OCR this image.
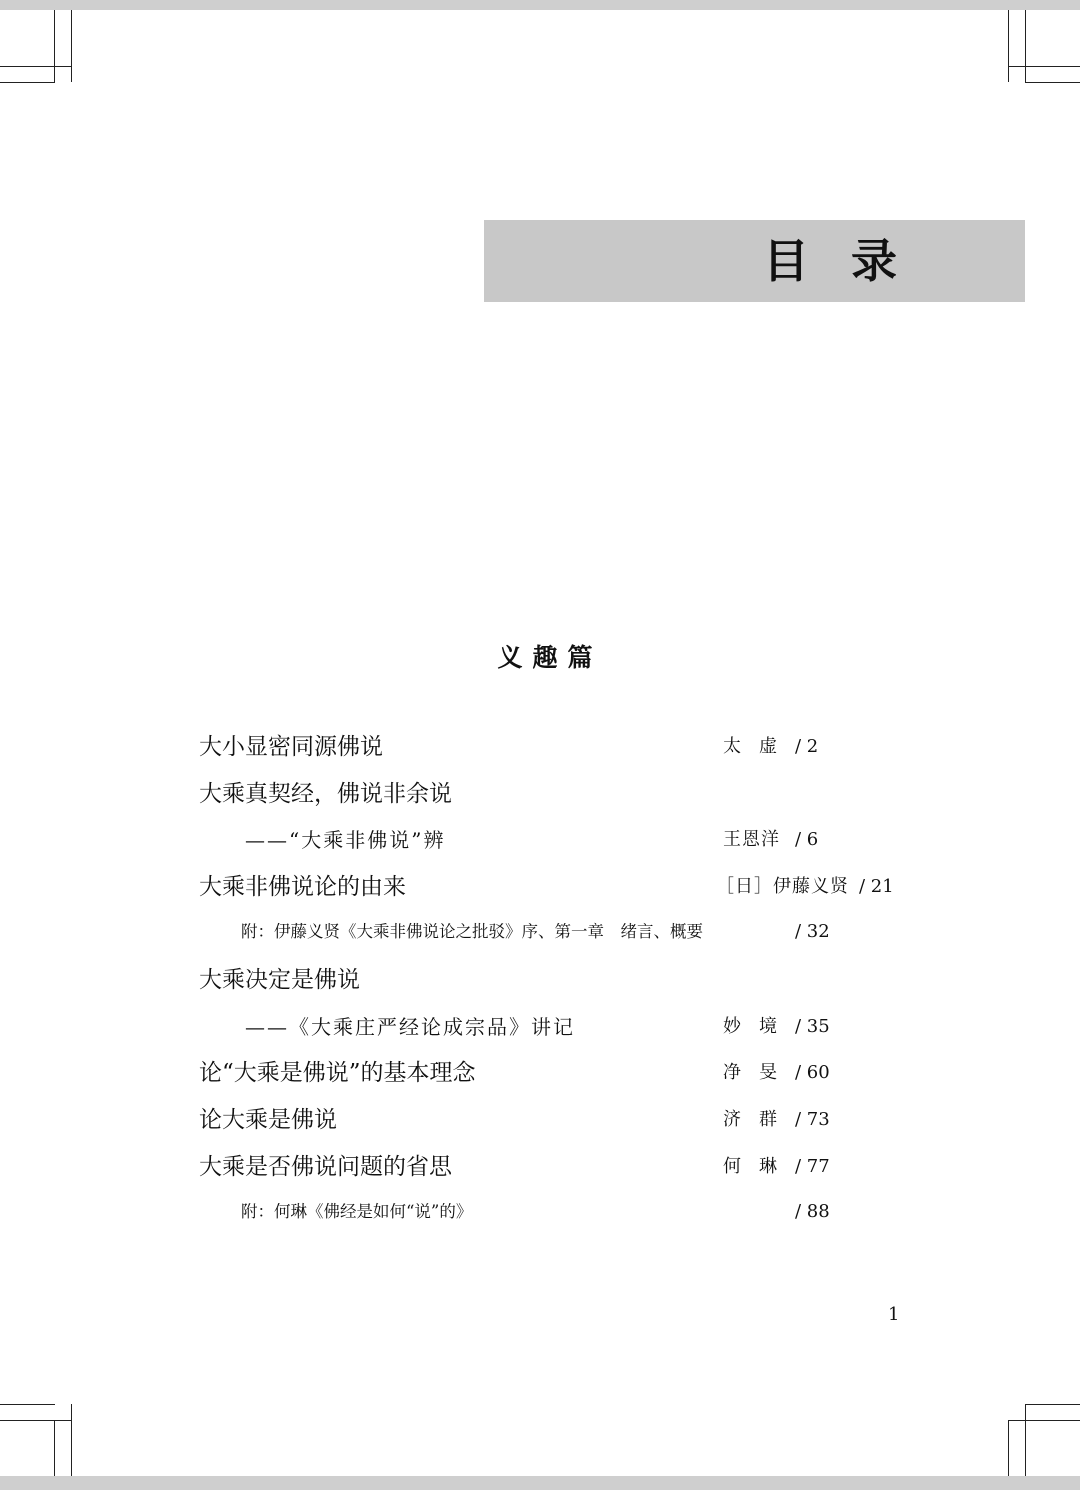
目录
义趣篇
大小显密同源佛说	太虚 / 2
大乘真契经，佛说非余说
——“大乘非佛说”辨	王恩洋 / 6
大乘非佛说论的由来	［日］伊藤义贤 / 21
附：伊藤义贤《大乘非佛说论之批驳》序、第一章　绪言、概要	/ 32
大乘决定是佛说
——《大乘庄严经论成宗品》讲记	妙境 / 35
论“大乘是佛说”的基本理念	净旻 / 60
论大乘是佛说	济群 / 73
大乘是否佛说问题的省思	何琳 / 77
附：何琳《佛经是如何“说”的》	/ 88
1
